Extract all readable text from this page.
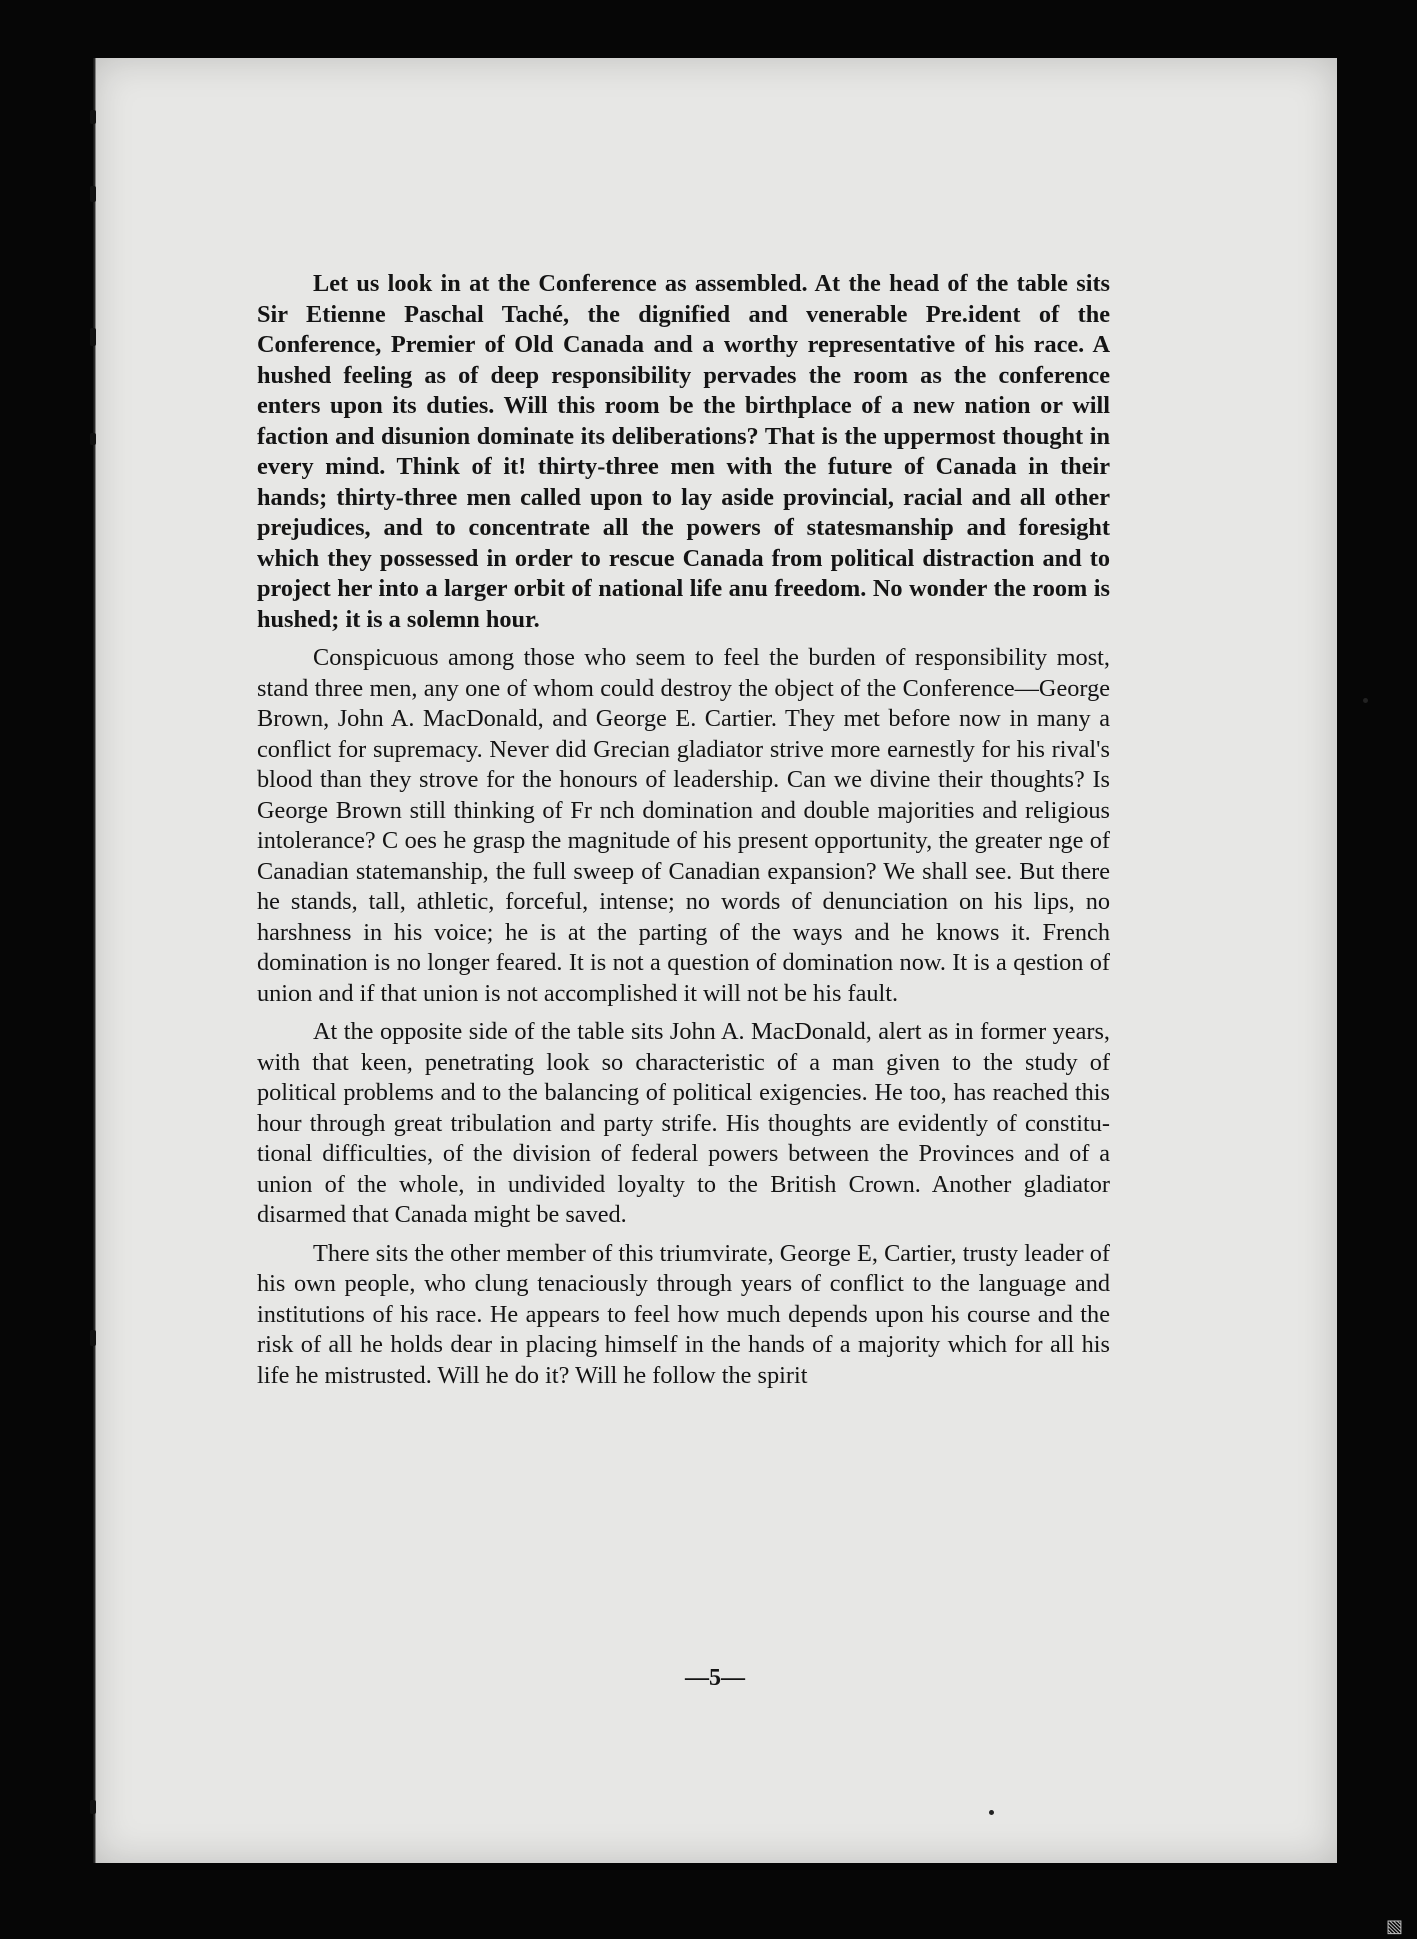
Let us look in at the Conference as assembled. At the head of the table sits Sir Etienne Paschal Taché, the dignified and venerable Pre.ident of the Conference, Premier of Old Canada and a worthy representative of his race. A hushed feeling as of deep responsibility pervades the room as the conference enters upon its duties. Will this room be the birthplace of a new nation or will faction and disunion dominate its deliberations? That is the uppermost thought in every mind. Think of it! thirty-three men with the future of Canada in their hands; thirty-three men called upon to lay aside provincial, racial and all other prejudices, and to concentrate all the powers of statesmanship and foresight which they possessed in order to rescue Canada from political distraction and to project her into a larger orbit of national life anu freedom. No wonder the room is hushed; it is a solemn hour.

Conspicuous among those who seem to feel the burden of responsibility most, stand three men, any one of whom could destroy the object of the Conference—George Brown, John A. MacDonald, and George E. Cartier. They met before now in many a conflict for supremacy. Never did Grecian gladiator strive more earnestly for his rival's blood than they strove for the honours of leadership. Can we divine their thoughts? Is George Brown still thinking of Fr nch domination and double majorities and religious intolerance? C oes he grasp the magnitude of his present opportunity, the greater nge of Canadian statemanship, the full sweep of Canadian expansion? We shall see. But there he stands, tall, athletic, forceful, intense; no words of denunciation on his lips, no harshness in his voice; he is at the parting of the ways and he knows it. French domination is no longer feared. It is not a question of domination now. It is a qestion of union and if that union is not accomplished it will not be his fault.

At the opposite side of the table sits John A. MacDonald, alert as in former years, with that keen, penetrating look so characteristic of a man given to the study of political problems and to the balancing of political exigencies. He too, has reached this hour through great tribulation and party strife. His thoughts are evidently of constitutional difficulties, of the division of federal powers between the Provinces and of a union of the whole, in undivided loyalty to the British Crown. Another gladiator disarmed that Canada might be saved.

There sits the other member of this triumvirate, George E, Cartier, trusty leader of his own people, who clung tenaciously through years of conflict to the language and institutions of his race. He appears to feel how much depends upon his course and the risk of all he holds dear in placing himself in the hands of a majority which for all his life he mistrusted. Will he do it? Will he follow the spirit

—5—
▧
